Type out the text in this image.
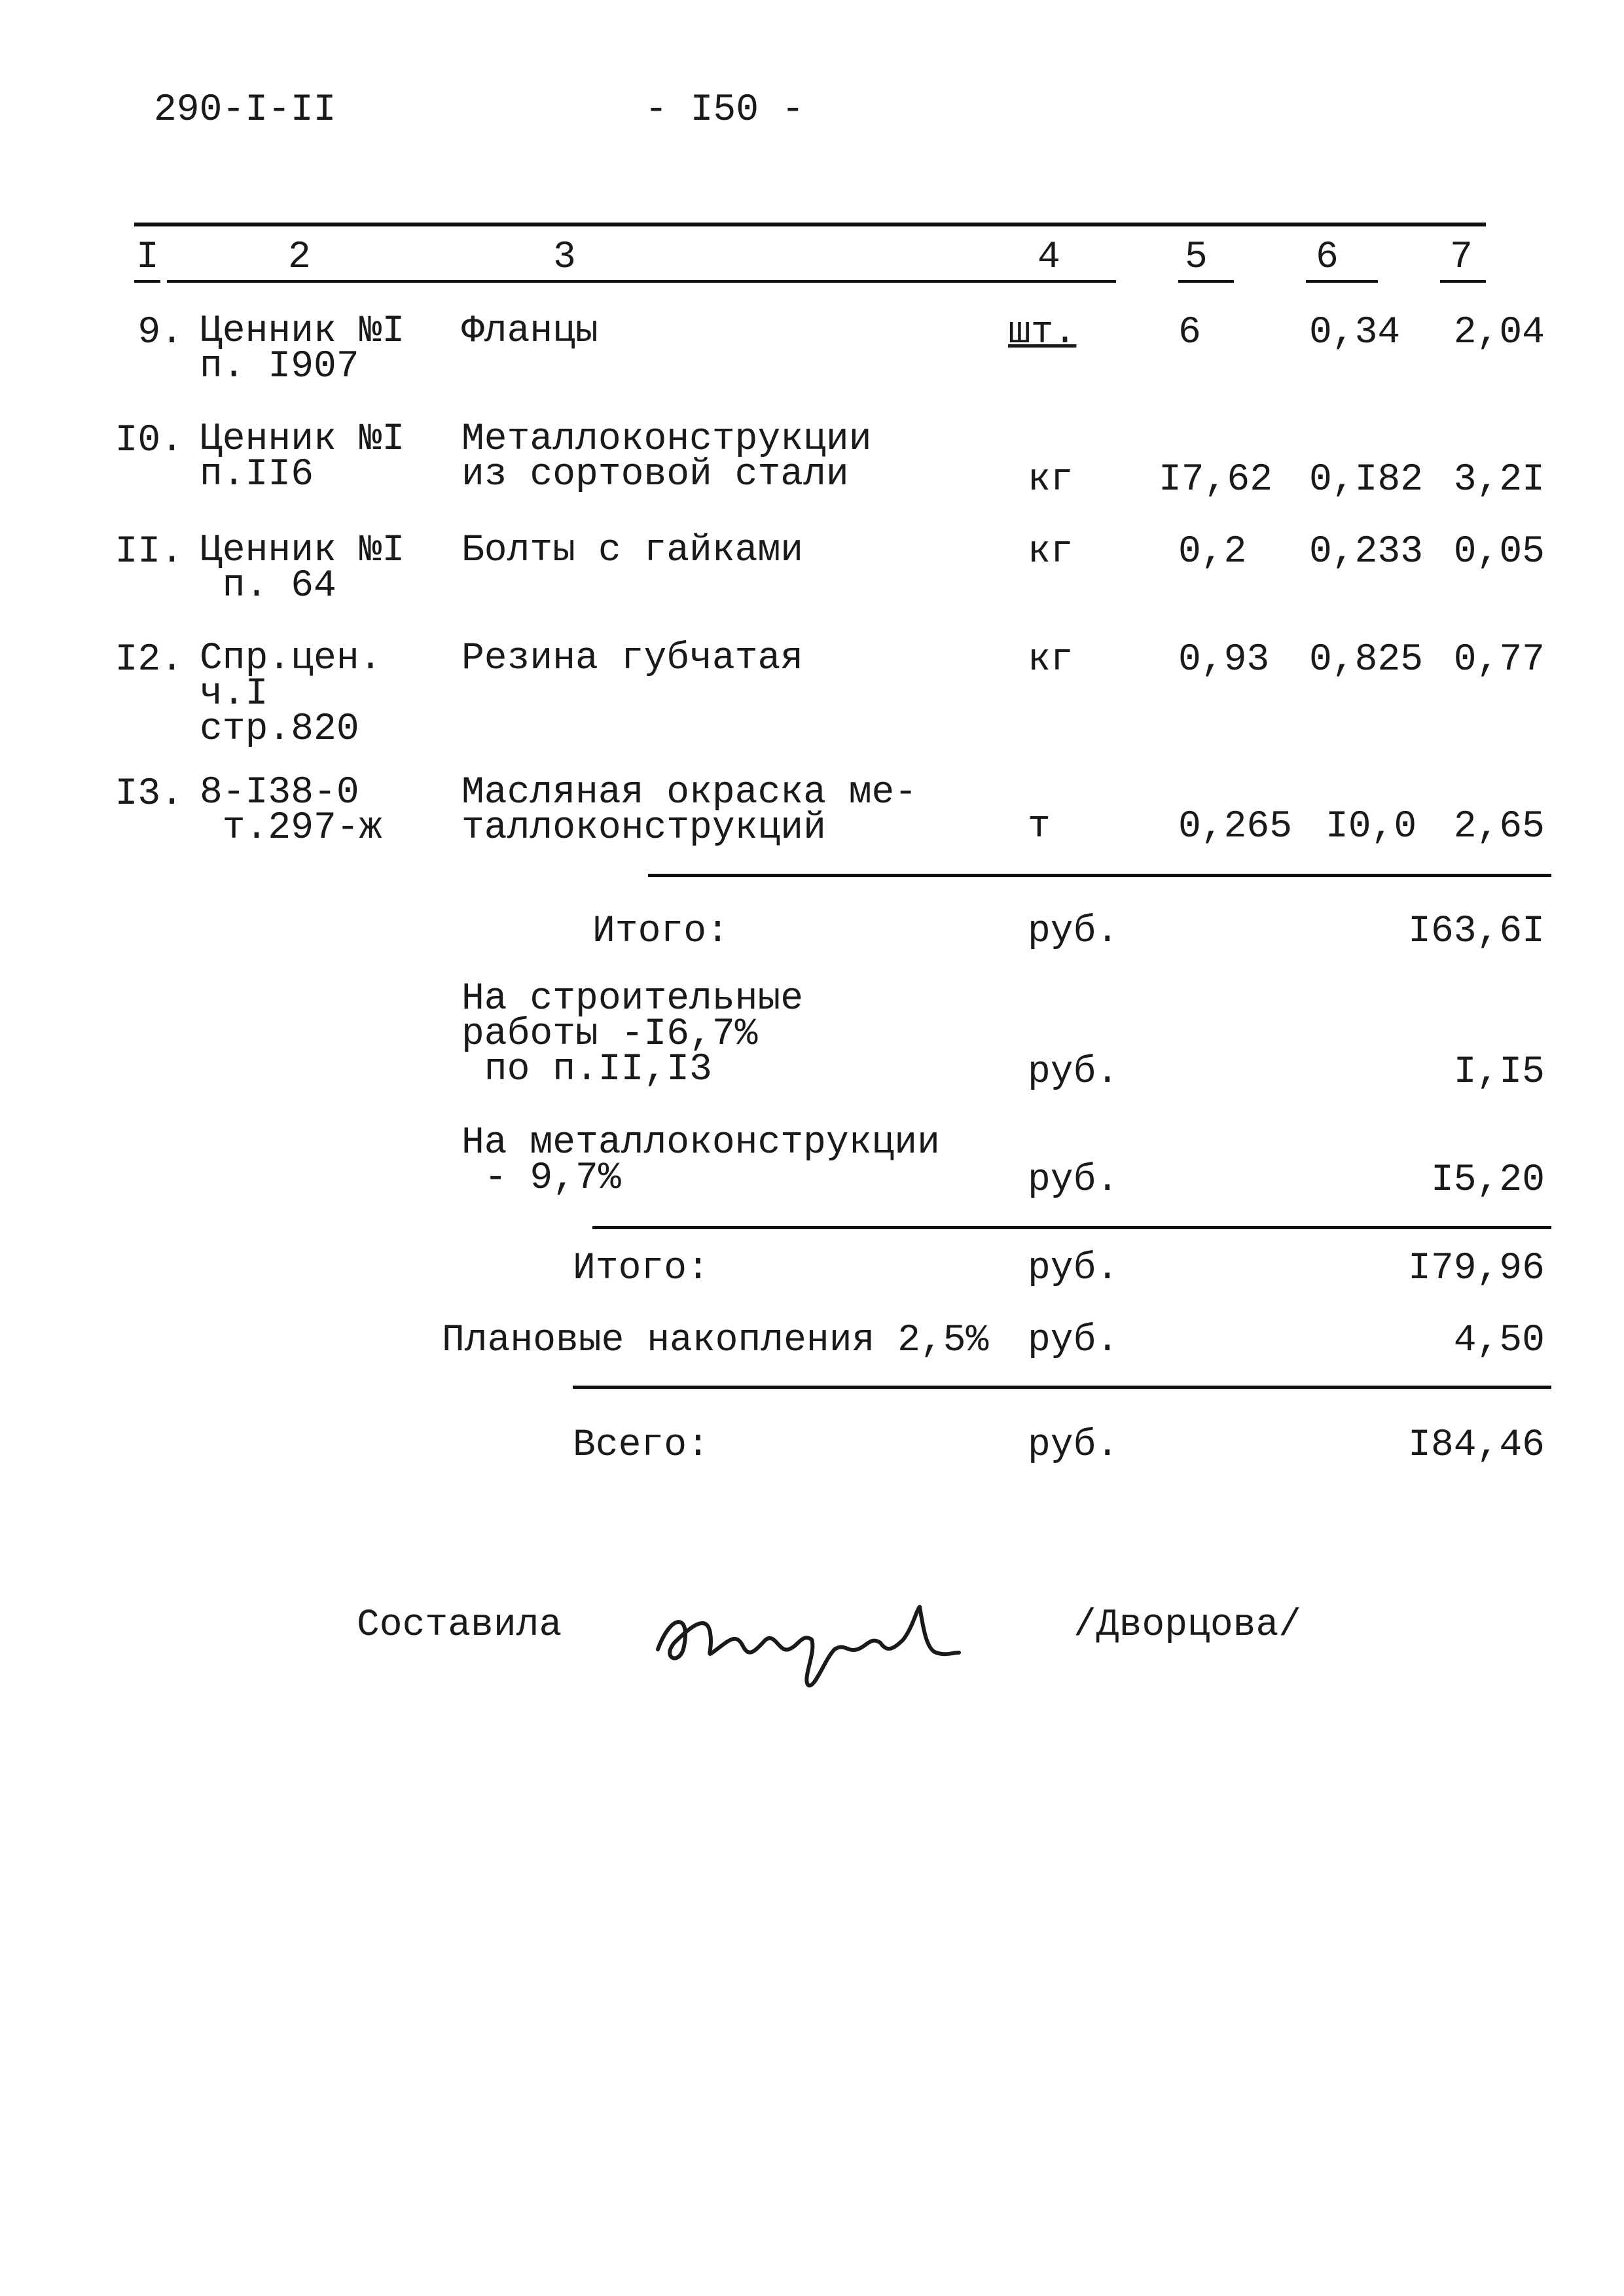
290-I-II	- I50 -
I	2	3	4	5	6	7
9. Ценник №I
п. I907
Фланцы	шт.	6	0,34	2,04
I0. Ценник №I
п.II6
Металлоконструкции
из сортовой стали	кг I7,62 0,I82 3,2I
II. Ценник №I
п. 64
Болты с гайками	кг	0,2 0,233 0,05
I2. Спр.цен.
ч.I
стр.820
Резина губчатая	кг	0,93 0,825 0,77
I3. 8-I38-0
т.297-ж
Масляная окраска ме-
таллоконструкций	т	0,265 I0,0 2,65
Итого:	руб.	I63,6I
На строительные
работы -I6,7%
по п.II,I3	руб.	I,I5
На металлоконструкции
- 9,7%	руб.	I5,20
Итого:	руб.	I79,96
Плановые накопления 2,5% руб.	4,50
Всего:	руб.	I84,46
Составила	/Дворцова/
